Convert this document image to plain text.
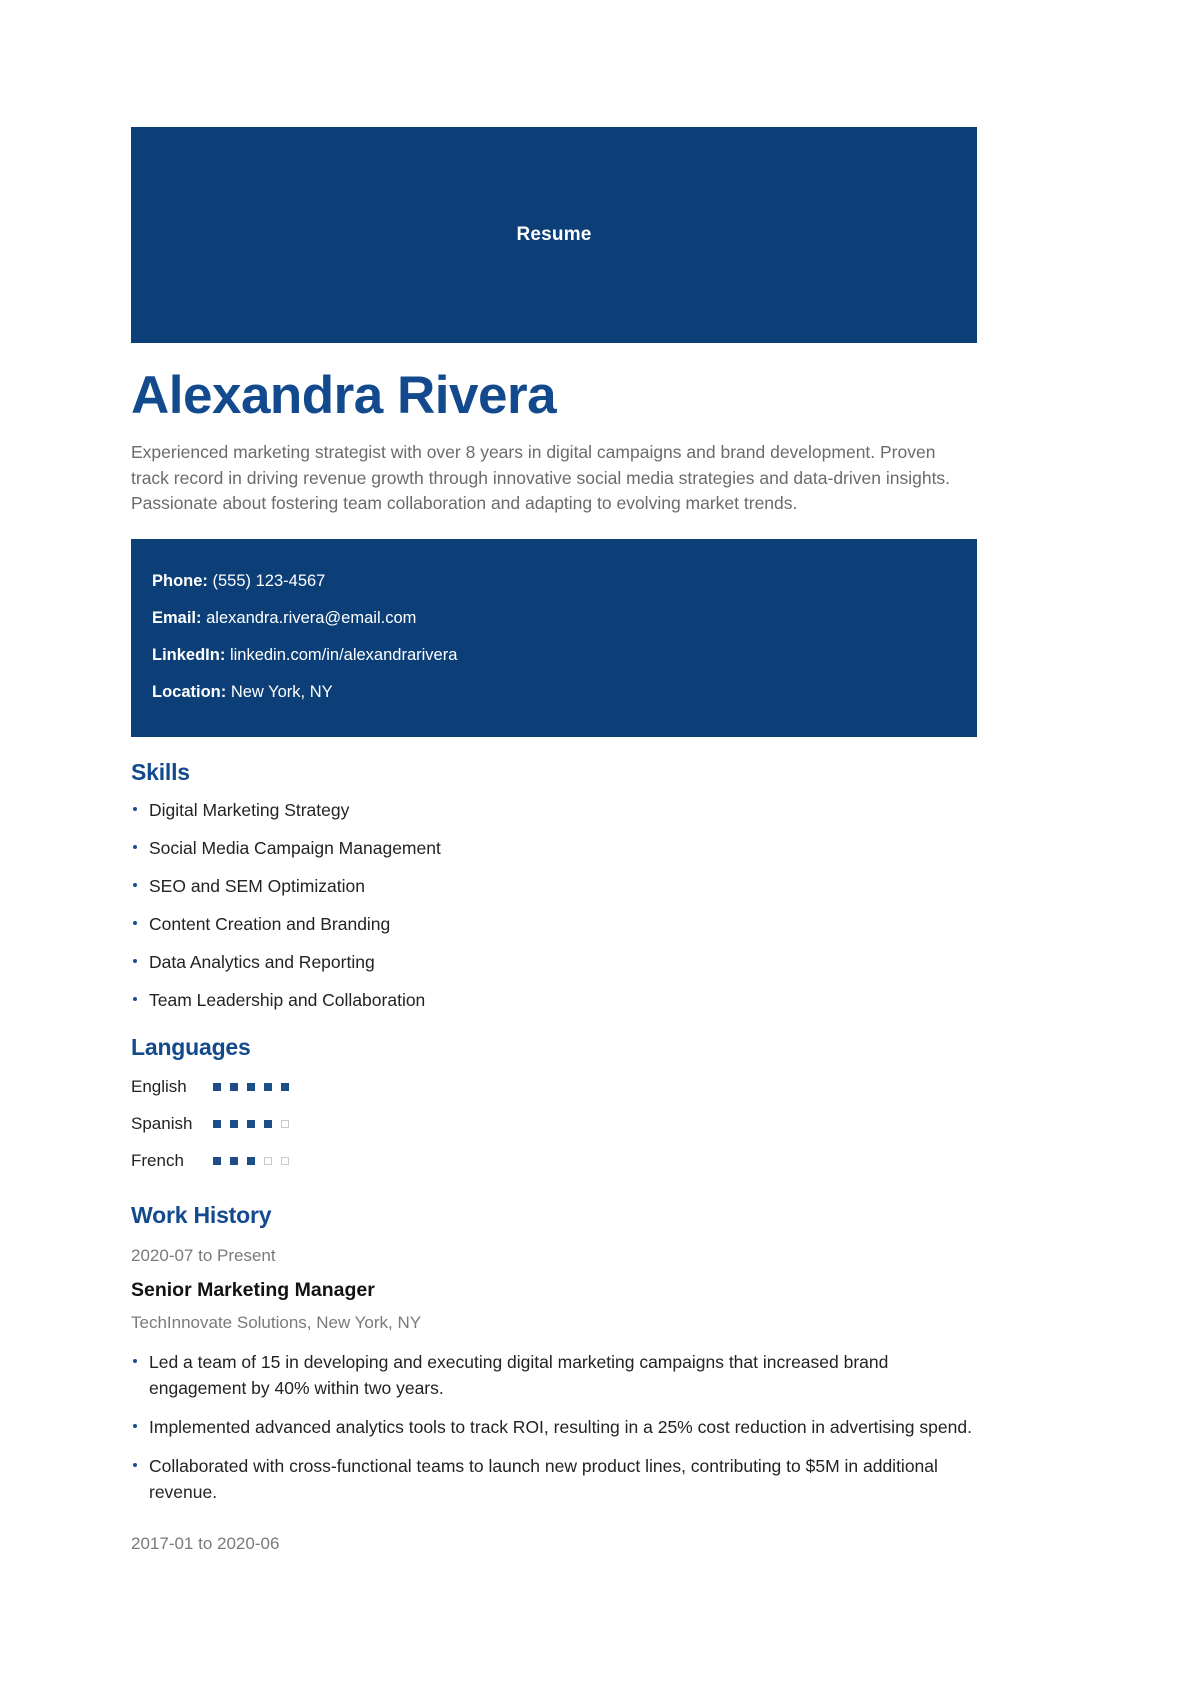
Resume
Alexandra Rivera

Experienced marketing strategist with over 8 years in digital campaigns and brand development. Proven track record in driving revenue growth through innovative social media strategies and data-driven insights. Passionate about fostering team collaboration and adapting to evolving market trends.

Phone: (555) 123-4567
Email: alexandra.rivera@email.com
LinkedIn: linkedin.com/in/alexandrarivera
Location: New York, NY
Skills
Digital Marketing Strategy
Social Media Campaign Management
SEO and SEM Optimization
Content Creation and Branding
Data Analytics and Reporting
Team Leadership and Collaboration
Languages
English
Spanish
French
Work History
2020-07 to Present
Senior Marketing Manager
TechInnovate Solutions, New York, NY
Led a team of 15 in developing and executing digital marketing campaigns that increased brand engagement by 40% within two years.
Implemented advanced analytics tools to track ROI, resulting in a 25% cost reduction in advertising spend.
Collaborated with cross-functional teams to launch new product lines, contributing to $5M in additional revenue.
2017-01 to 2020-06
